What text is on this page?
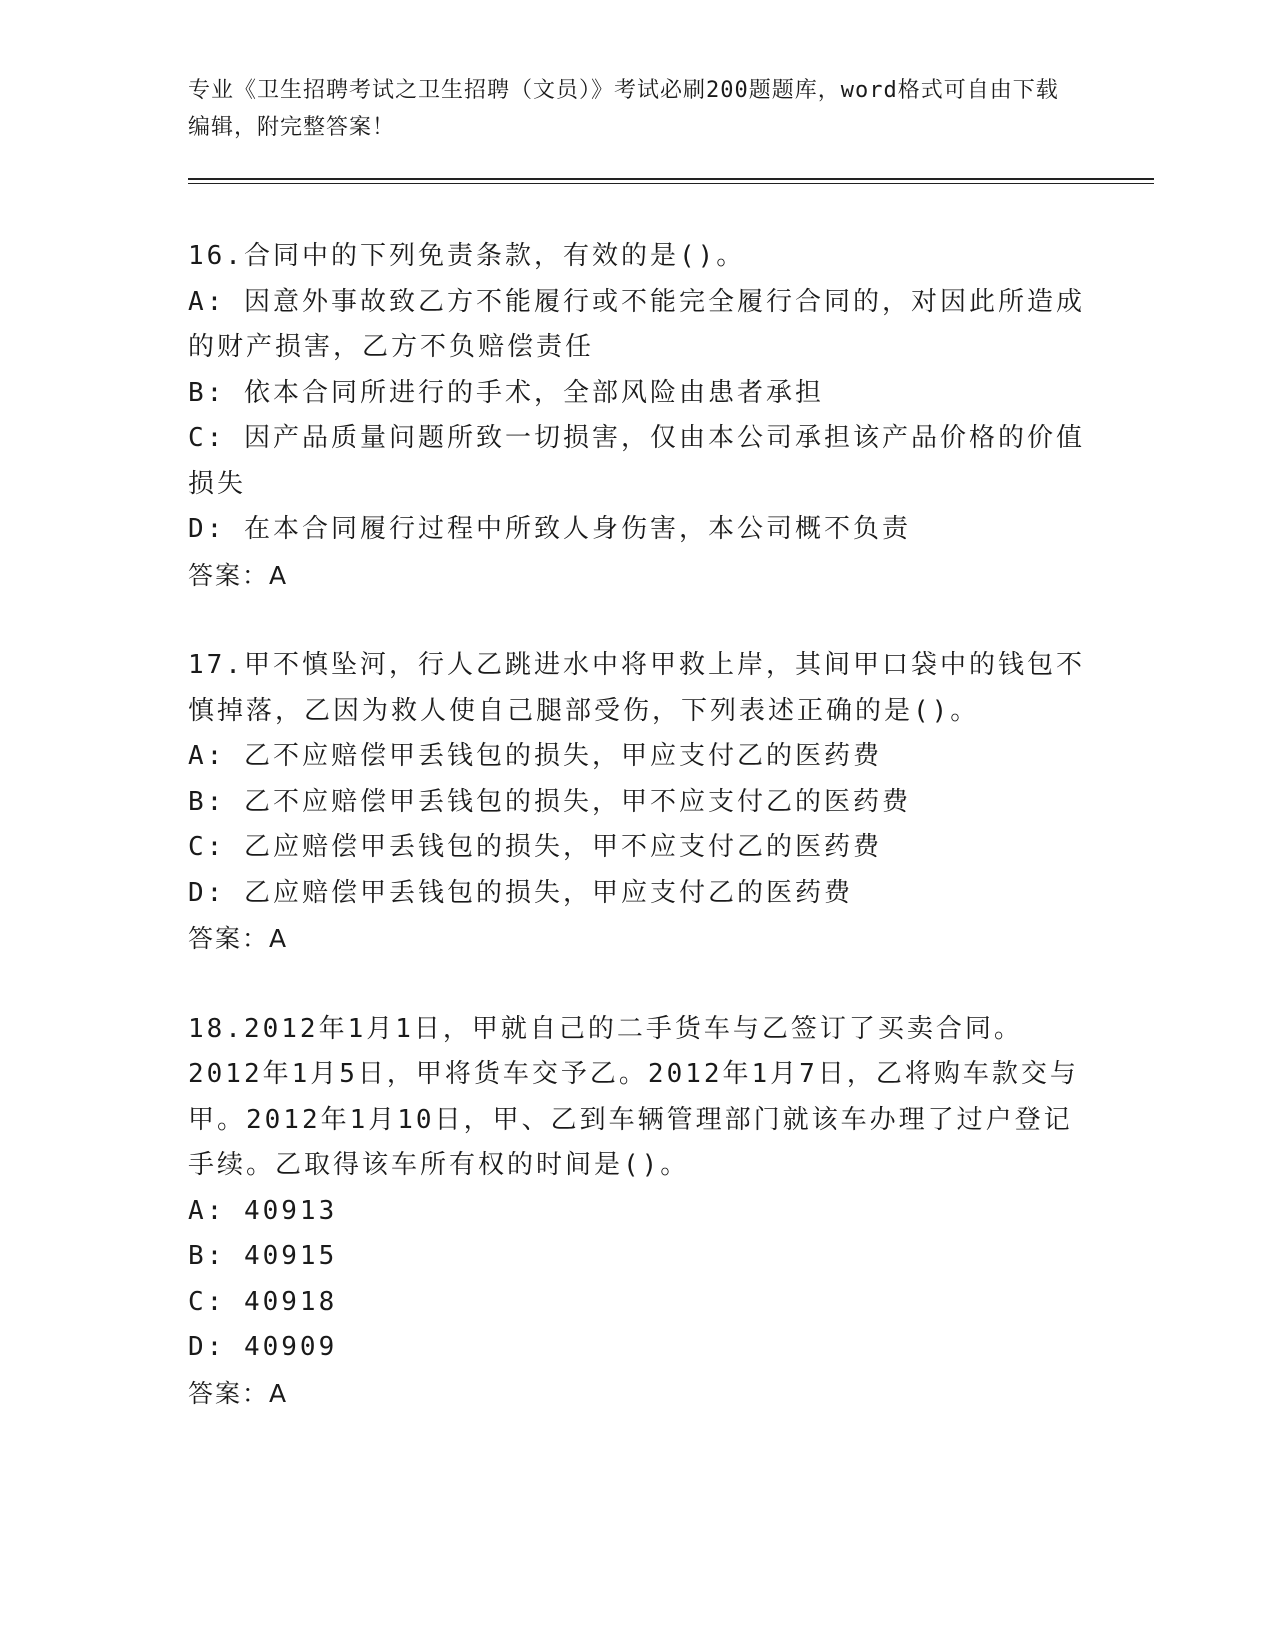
专业《卫生招聘考试之卫生招聘（文员）》考试必刷200题题库，word格式可自由下载编辑，附完整答案！
16.合同中的下列免责条款，有效的是()。
A: 因意外事故致乙方不能履行或不能完全履行合同的，对因此所造成的财产损害，乙方不负赔偿责任
B: 依本合同所进行的手术，全部风险由患者承担
C: 因产品质量问题所致一切损害，仅由本公司承担该产品价格的价值损失
D: 在本合同履行过程中所致人身伤害，本公司概不负责
答案：A
17.甲不慎坠河，行人乙跳进水中将甲救上岸，其间甲口袋中的钱包不慎掉落，乙因为救人使自己腿部受伤，下列表述正确的是()。
A: 乙不应赔偿甲丢钱包的损失，甲应支付乙的医药费
B: 乙不应赔偿甲丢钱包的损失，甲不应支付乙的医药费
C: 乙应赔偿甲丢钱包的损失，甲不应支付乙的医药费
D: 乙应赔偿甲丢钱包的损失，甲应支付乙的医药费
答案：A
18.2012年1月1日，甲就自己的二手货车与乙签订了买卖合同。2012年1月5日，甲将货车交予乙。2012年1月7日，乙将购车款交与甲。2012年1月10日，甲、乙到车辆管理部门就该车办理了过户登记手续。乙取得该车所有权的时间是()。
A: 40913
B: 40915
C: 40918
D: 40909
答案：A
